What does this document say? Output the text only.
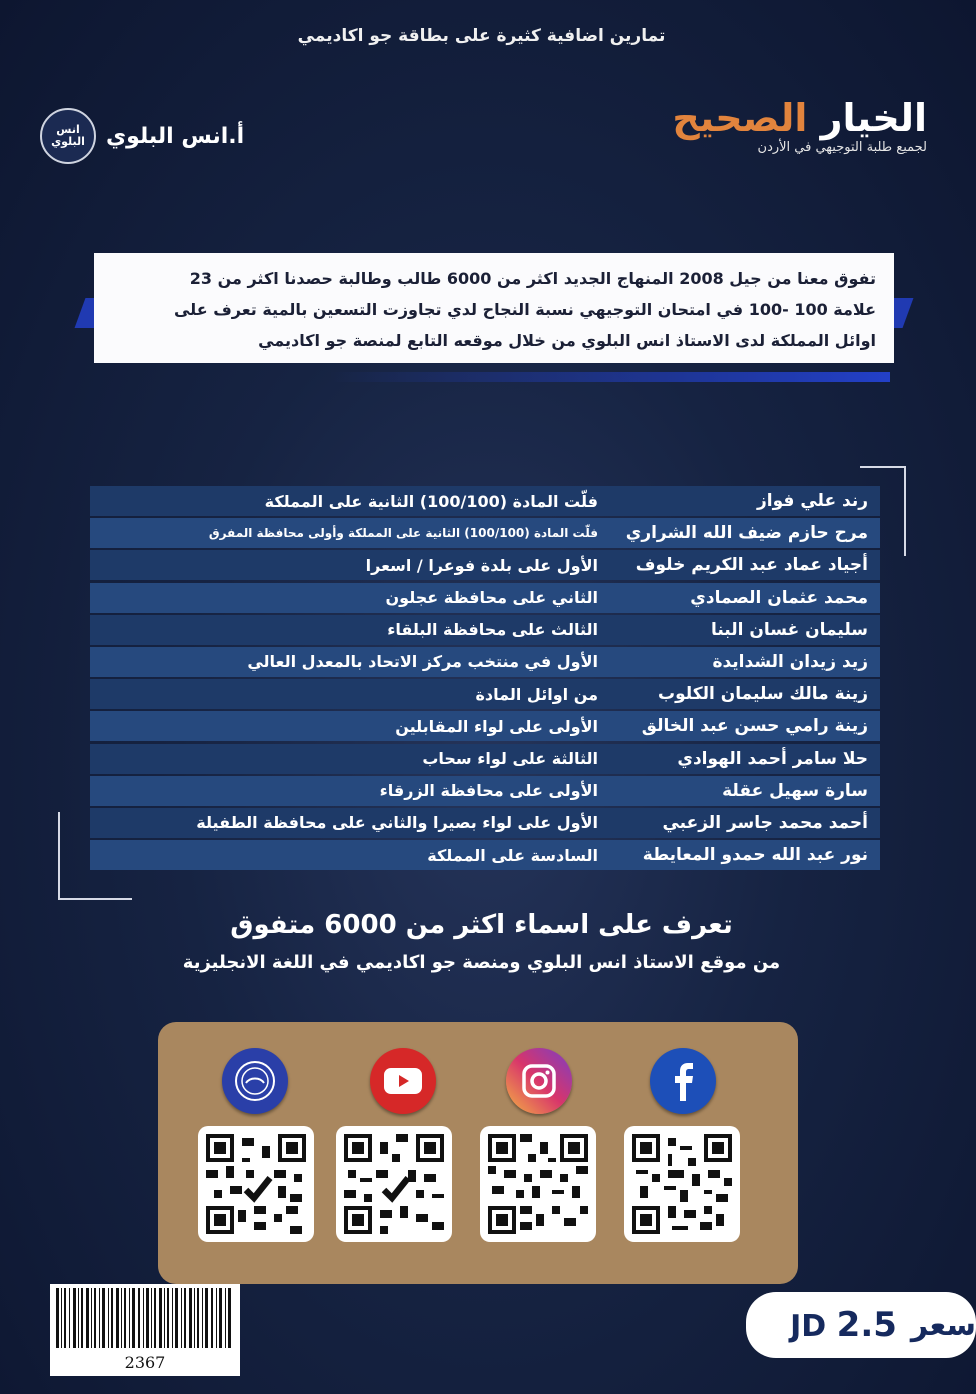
تمارين اضافية كثيرة على بطاقة جو اكاديمي
الخيار الصحيح
لجميع طلبة التوجيهي في الأردن
انس البلوي أ.انس البلوي
تفوق معنا من جيل 2008 المنهاج الجديد اكثر من 6000 طالب وطالبة حصدنا اكثر من 23
علامة 100 -100 في امتحان التوجيهي نسبة النجاح لدي تجاوزت التسعين بالمية تعرف على
اوائل المملكة لدى الاستاذ انس البلوي من خلال موقعه التابع لمنصة جو اكاديمي
رند علي فواز
فلّت المادة (100/100) الثانية على المملكة
مرح حازم ضيف الله الشراري
فلّت المادة (100/100) الثانية على المملكة وأولى محافظة المفرق
أجياد عماد عبد الكريم خلوف
الأول على بلدة فوعرا / اسعرا
محمد عثمان الصمادي
الثاني على محافظة عجلون
سليمان غسان البنا
الثالث على محافظة البلقاء
زيد زيدان الشدايدة
الأول في منتخب مركز الاتحاد بالمعدل العالي
زينة مالك سليمان الكلوب
من اوائل المادة
زينة رامي حسن عبد الخالق
الأولى على لواء المقابلين
حلا سامر أحمد الهوادي
الثالثة على لواء سحاب
سارة سهيل عقلة
الأولى على محافظة الزرقاء
أحمد محمد جاسر الزعبي
الأول على لواء بصيرا والثاني على محافظة الطفيلة
نور عبد الله حمدو المعايطة
السادسة على المملكة
تعرف على اسماء اكثر من 6000 متفوق
من موقع الاستاذ انس البلوي ومنصة جو اكاديمي في اللغة الانجليزية
2367
سعر
JD 2.5
